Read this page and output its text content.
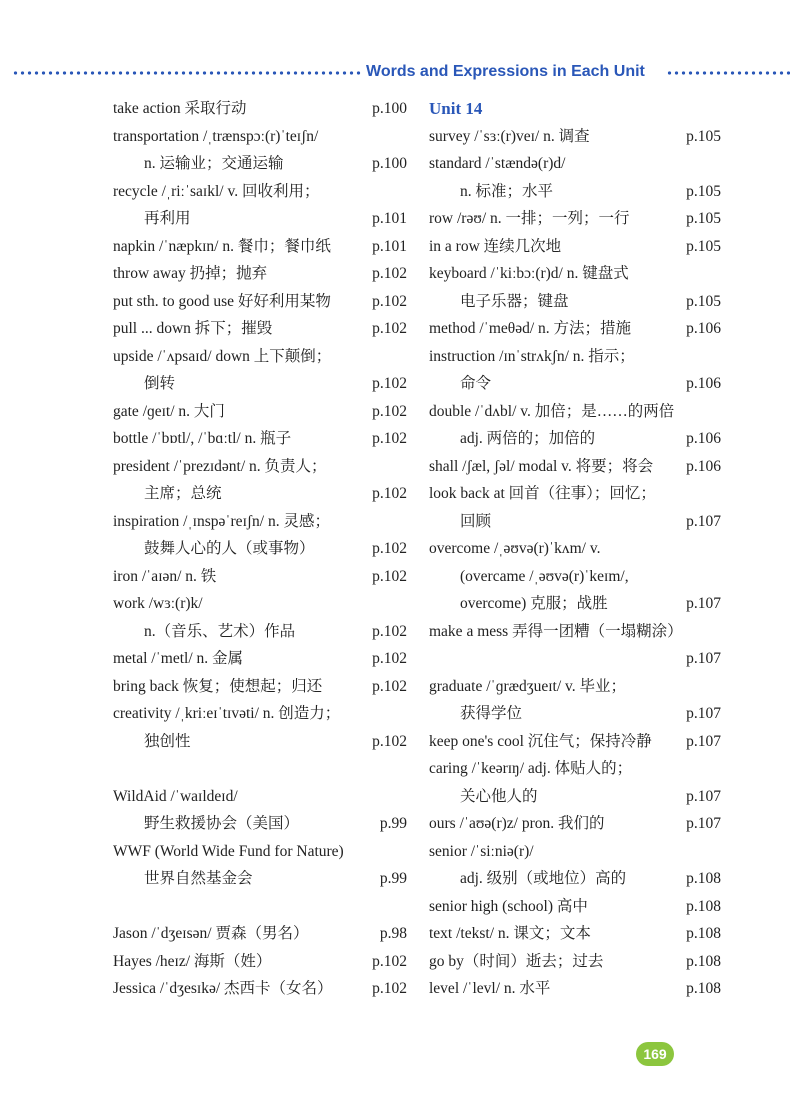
Words and Expressions in Each Unit
take action 采取行动	p.100
transportation /ˌtrænspɔː(r)ˈteɪʃn/
n. 运输业；交通运输	p.100
recycle /ˌriːˈsaɪkl/ v. 回收利用；
再利用	p.101
napkin /ˈnæpkɪn/ n. 餐巾；餐巾纸	p.101
throw away 扔掉；抛弃	p.102
put sth. to good use 好好利用某物	p.102
pull ... down 拆下；摧毁	p.102
upside /ˈʌpsaɪd/ down 上下颠倒；
倒转	p.102
gate /ɡeɪt/ n. 大门	p.102
bottle /ˈbɒtl/, /ˈbɑːtl/ n. 瓶子	p.102
president /ˈprezɪdənt/ n. 负责人；
主席；总统	p.102
inspiration /ˌɪnspəˈreɪʃn/ n. 灵感；
鼓舞人心的人（或事物）	p.102
iron /ˈaɪən/ n. 铁	p.102
work /wɜː(r)k/
n.（音乐、艺术）作品	p.102
metal /ˈmetl/ n. 金属	p.102
bring back 恢复；使想起；归还	p.102
creativity /ˌkriːeɪˈtɪvəti/ n. 创造力；
独创性	p.102
WildAid /ˈwaɪldeɪd/
野生救援协会（美国）	p.99
WWF (World Wide Fund for Nature)
世界自然基金会	p.99
Jason /ˈdʒeɪsən/ 贾森（男名）	p.98
Hayes /heɪz/ 海斯（姓）	p.102
Jessica /ˈdʒesɪkə/ 杰西卡（女名）	p.102
Unit 14
survey /ˈsɜː(r)veɪ/ n. 调查	p.105
standard /ˈstændə(r)d/
n. 标准；水平	p.105
row /rəʊ/ n. 一排；一列；一行	p.105
in a row 连续几次地	p.105
keyboard /ˈkiːbɔː(r)d/ n. 键盘式
电子乐器；键盘	p.105
method /ˈmeθəd/ n. 方法；措施	p.106
instruction /ɪnˈstrʌkʃn/ n. 指示；
命令	p.106
double /ˈdʌbl/ v. 加倍；是……的两倍
adj. 两倍的；加倍的	p.106
shall /ʃæl, ʃəl/ modal v. 将要；将会 p.106
look back at 回首（往事）；回忆；
回顾	p.107
overcome /ˌəʊvə(r)ˈkʌm/ v.
(overcame /ˌəʊvə(r)ˈkeɪm/,
overcome) 克服；战胜	p.107
make a mess 弄得一团糟（一塌糊涂）
p.107
graduate /ˈɡrædʒueɪt/ v. 毕业；
获得学位	p.107
keep one's cool 沉住气；保持冷静 p.107
caring /ˈkeərɪŋ/ adj. 体贴人的；
关心他人的	p.107
ours /ˈaʊə(r)z/ pron. 我们的	p.107
senior /ˈsiːniə(r)/
adj. 级别（或地位）高的	p.108
senior high (school) 高中	p.108
text /tekst/ n. 课文；文本	p.108
go by（时间）逝去；过去	p.108
level /ˈlevl/ n. 水平	p.108
169
